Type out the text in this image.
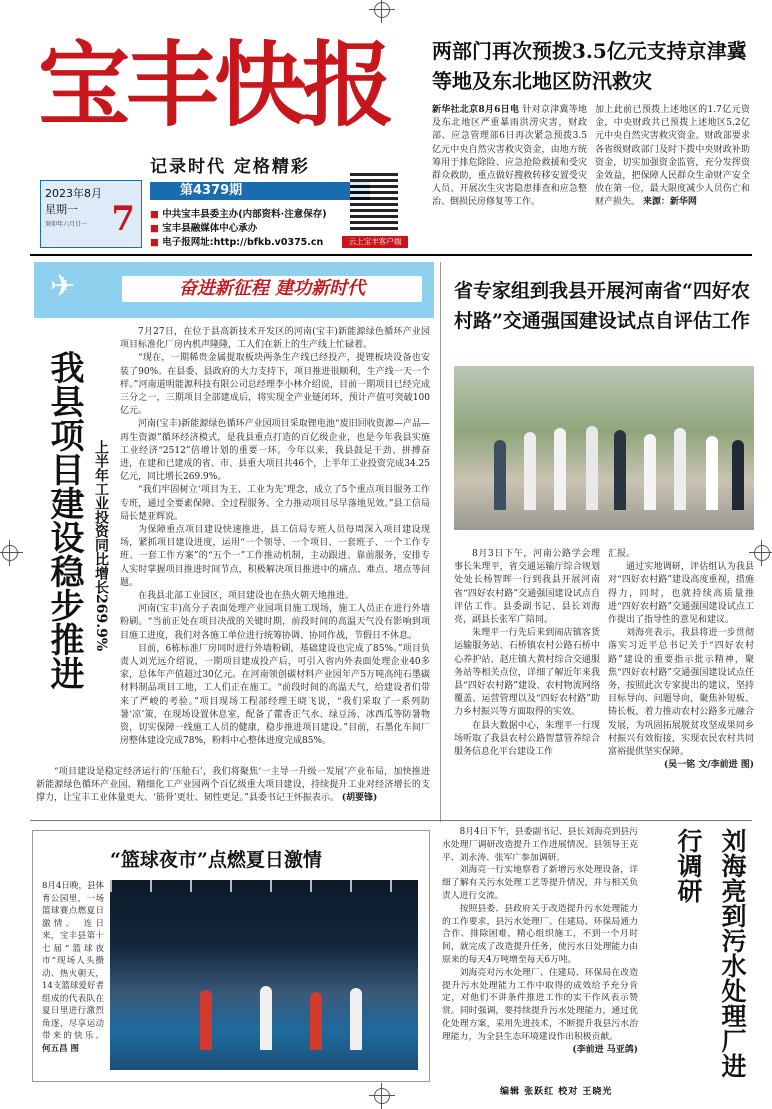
宝丰快报
记录时代 定格精彩
2023年8月
星期一
癸卯年六月廿一 7
第4379期
■ 中共宝丰县委主办(内部资料·注意保存)
■ 宝丰县融媒体中心承办
■ 电子报网址:http://bfkb.v0375.cn	云上宝丰客户端
两部门再次预拨3.5亿元支持京津冀等地及东北地区防汛救灾
新华社北京8月6日电 针对京津冀等地及东北地区严重暴雨洪涝灾害，财政部、应急管理部6日再次紧急预拨3.5亿元中央自然灾害救灾资金，由地方统筹用于排危除险、应急抢险救援和受灾群众救助，重点做好搜救转移安置受灾人员、开展次生灾害隐患排查和应急整治、倒损民房修复等工作。
加上此前已预拨上述地区的1.7亿元资金，中央财政共已预拨上述地区5.2亿元中央自然灾害救灾资金。财政部要求各省级财政部门及时下拨中央财政补助资金，切实加强资金监管，充分发挥资金效益，把保障人民群众生命财产安全放在第一位，最大限度减少人员伤亡和财产损失。 来源：新华网
奋进新征程 建功新时代
✈
我县项目建设稳步推进 上半年工业投资同比增长269.9%
7月27日，在位于县高新技术开发区的河南(宝丰)新能源绿色循环产业园项目标准化厂房内机声隆隆，工人们在新上的生产线上忙碌着。
“现在，一期稀贵金属提取板块两条生产线已经投产，提锂板块设备也安装了90%。在县委、县政府的大力支持下，项目推进很顺利，生产线一天一个样。”河南道明能源科技有限公司总经理李小林介绍说，目前一期项目已经完成三分之一，三期项目全部建成后，将实现全产业链闭环，预计产值可突破100亿元。
河南(宝丰)新能源绿色循环产业园项目采取锂电池“废旧回收资源—产品—再生资源”循环经济模式，是我县重点打造的百亿级企业，也是今年我县实施工业经济“2512”倍增计划的重要一环。今年以来，我县鼓足干劲、拼搏奋进，在建和已建成的省、市、县重大项目共46个，上半年工业投资完成34.25亿元，同比增长269.9%。
“我们牢固树立‘项目为王、工业为先’理念，成立了5个重点项目服务工作专班，通过全要素保障、全过程服务、全力推动项目尽早落地见效。”县工信局局长楚亚辉说。
为保障重点项目建设快速推进，县工信局专班人员每周深入项目建设现场，紧抓项目建设进度，运用“一个领导、一个项目、一套班子、一个工作专班、一套工作方案”的“五个一”工作推动机制，主动跟进、靠前服务，安排专人实时掌握项目推进时间节点，积极解决项目推进中的痛点、难点、堵点等问题。
在我县北部工业园区，项目建设也在热火朝天地推进。
河南(宝丰)高分子表面处理产业园项目施工现场，施工人员正在进行外墙粉刷。“当前正处在项目决战的关键时期，前段时间的高温天气没有影响到项目施工进度，我们对各施工单位进行统筹协调、协同作战，节假日不休息。
目前，6栋标准厂房同时进行外墙粉刷，基础建设也完成了85%。”项目负责人刘光远介绍说，一期项目建成投产后，可引入省内外表面处理企业40多家，总体年产值超过30亿元。在河南领创碳材料产业园年产5万吨高纯石墨碳材料制品项目工地，工人们正在施工。“前段时间的高温天气，给建设者们带来了严峻的考验。”项目现场工程部经理王晓飞说，“我们采取了一系列防暑‘凉’策，在现场设置休息室，配备了藿香正气水、绿豆汤、冰西瓜等防暑物资，切实保障一线施工人员的健康，稳步推进项目建设。”目前，石墨化车间厂房整体建设完成78%，粉料中心整体进度完成85%。
“项目建设是稳定经济运行的‘压舱石’，我们将聚焦‘一主导一升级一发展’产业布局，加快推进新能源绿色循环产业园、精细化工产业园两个百亿级重大项目建设，持续提升工业对经济增长的支撑力，让宝丰工业体量更大、‘筋骨’更壮、韧性更足。”县委书记王怀振表示。 (胡要锋)
省专家组到我县开展河南省“四好农村路”交通强国建设试点自评估工作
8月3日下午，河南公路学会理事长朱理平，省交通运输厅综合规划处处长杨智晖一行到我县开展河南省“四好农村路”交通强国建设试点自评估工作。县委副书记、县长刘海亮，副县长张军广陪同。
朱理平一行先后来到闹店镇客货运输服务站、石桥镇农村公路石桥中心养护站、赵庄镇大黄村综合交通服务站等相关点位，详细了解近年来我县“四好农村路”建设、农村物流网络覆盖、运营管理以及“四好农村路”助力乡村振兴等方面取得的实效。
在县大数据中心，朱理平一行现场听取了我县农村公路智慧管养综合服务信息化平台建设工作
汇报。
通过实地调研，评估组认为我县对“四好农村路”建设高度重视，措施得力，同时，也就持续高质量推进“四好农村路”交通强国建设试点工作提出了指导性的意见和建议。
刘海亮表示，我县将进一步贯彻落实习近平总书记关于“四好农村路”建设的重要指示批示精神，聚焦“四好农村路”交通强国建设试点任务，按照此次专家提出的建议，坚持目标导向、问题导向，聚焦补短板、铸长板，着力推动农村公路多元融合发展，为巩固拓展脱贫攻坚成果同乡村振兴有效衔接，实现农民农村共同富裕提供坚实保障。
(吴一铭 文/李前进 图)
“篮球夜市”点燃夏日激情
8月4日晚，县体育公园里，一场篮球赛点燃夏日激情。 连日来，宝丰县第十七届“篮球夜市”现场人头攒动、热火朝天，14支篮球爱好者组成的代表队在夏日里进行激烈角逐，尽享运动带来的快乐。 何五昌 图
8月4日下午，县委副书记、县长刘海亮到县污水处理厂调研改造提升工作进展情况。县领导王克平、刘永涛、张军广参加调研。
刘海亮一行实地察看了新增污水处理设备，详细了解有关污水处理工艺等提升情况，并与相关负责人进行交流。
按照县委、县政府关于改造提升污水处理能力的工作要求，县污水处理厂、住建局、环保局通力合作、排除困难，精心组织施工，不到一个月时间，就完成了改造提升任务，使污水日处理能力由原来的每天4万吨增至每天6万吨。
刘海亮对污水处理厂、住建局、环保局在改造提升污水处理能力工作中取得的成效给予充分肯定，对他们不讲条件推进工作的实干作风表示赞赏。同时强调，要持续提升污水处理能力，通过优化处理方案，采用先进技术，不断提升我县污水治理能力，为全县生态环境建设作出积极贡献。
(李前进 马亚鸽)	刘海亮到污水处理厂进行调研
编辑 张跃红 校对 王晓光
